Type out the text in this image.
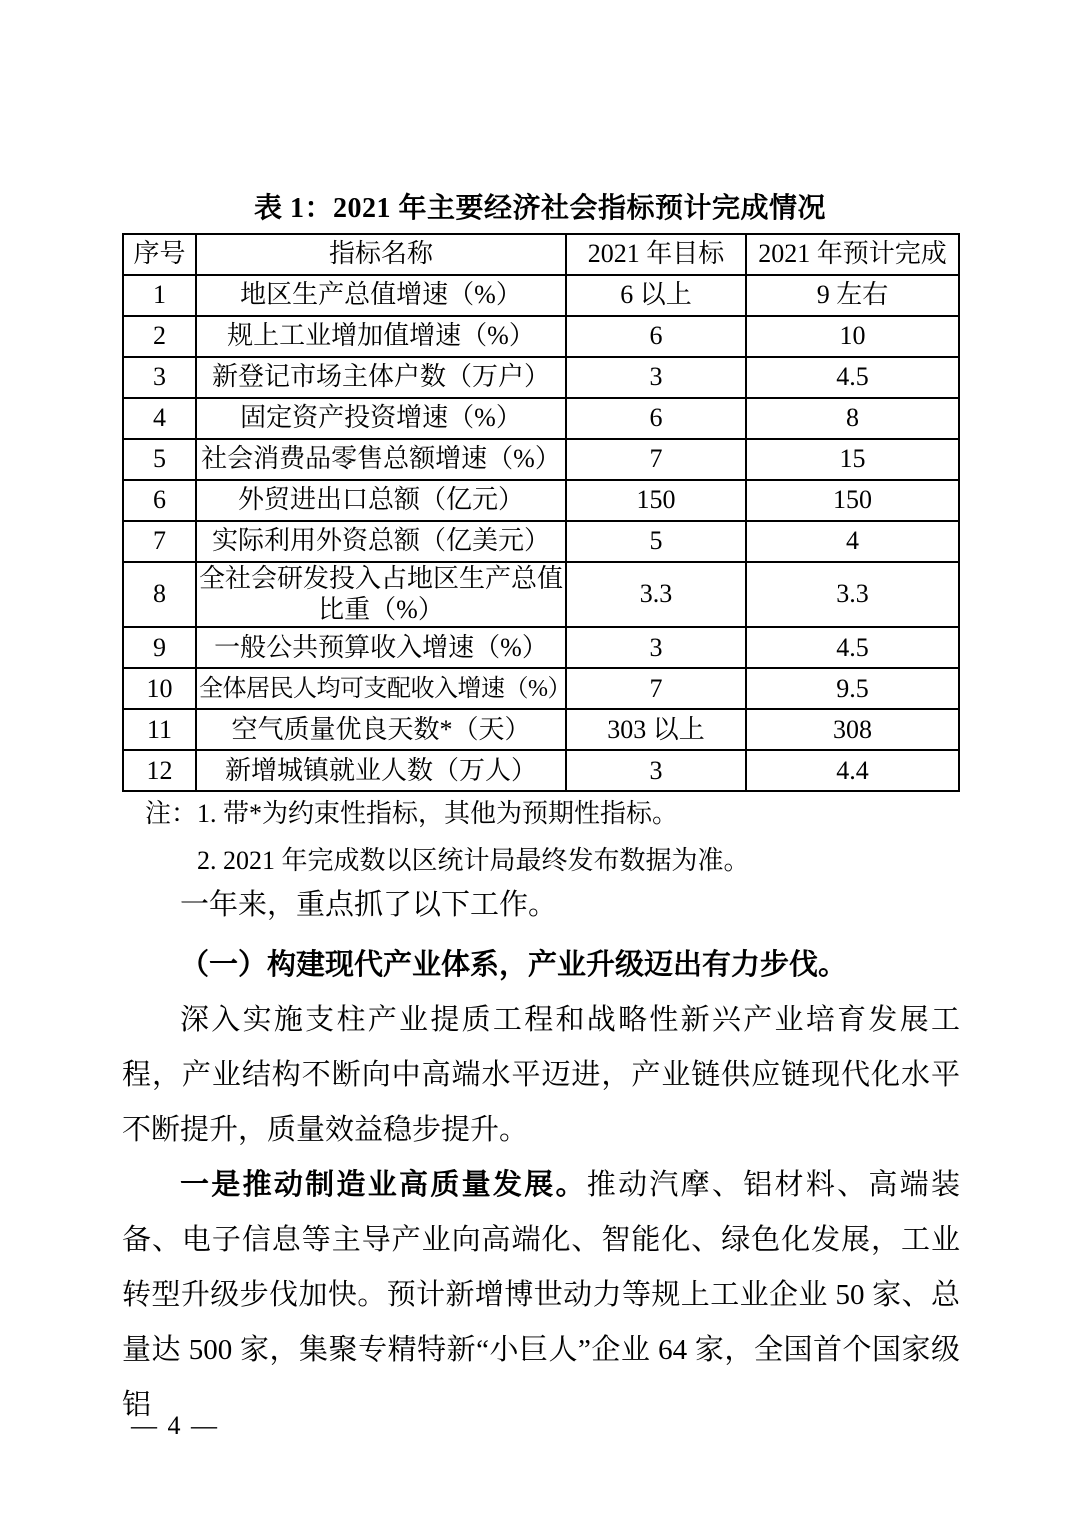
表 1：2021 年主要经济社会指标预计完成情况
序号	指标名称	2021 年目标	2021 年预计完成
1	地区生产总值增速（%）	6 以上	9 左右
2	规上工业增加值增速（%）	6	10
3	新登记市场主体户数（万户）	3	4.5
4	固定资产投资增速（%）	6	8
5	社会消费品零售总额增速（%）	7	15
6	外贸进出口总额（亿元）	150	150
7	实际利用外资总额（亿美元）	5	4
8	全社会研发投入占地区生产总值比重（%）	3.3	3.3
9	一般公共预算收入增速（%）	3	4.5
10	全体居民人均可支配收入增速（%）	7	9.5
11	空气质量优良天数*（天）	303 以上	308
12	新增城镇就业人数（万人）	3	4.4
注：1. 带*为约束性指标，其他为预期性指标。
2. 2021 年完成数以区统计局最终发布数据为准。
一年来，重点抓了以下工作。
（一）构建现代产业体系，产业升级迈出有力步伐。
深入实施支柱产业提质工程和战略性新兴产业培育发展工程，产业结构不断向中高端水平迈进，产业链供应链现代化水平不断提升，质量效益稳步提升。
一是推动制造业高质量发展。推动汽摩、铝材料、高端装备、电子信息等主导产业向高端化、智能化、绿色化发展，工业转型升级步伐加快。预计新增博世动力等规上工业企业 50 家、总量达 500 家，集聚专精特新“小巨人”企业 64 家，全国首个国家级铝
— 4 —
